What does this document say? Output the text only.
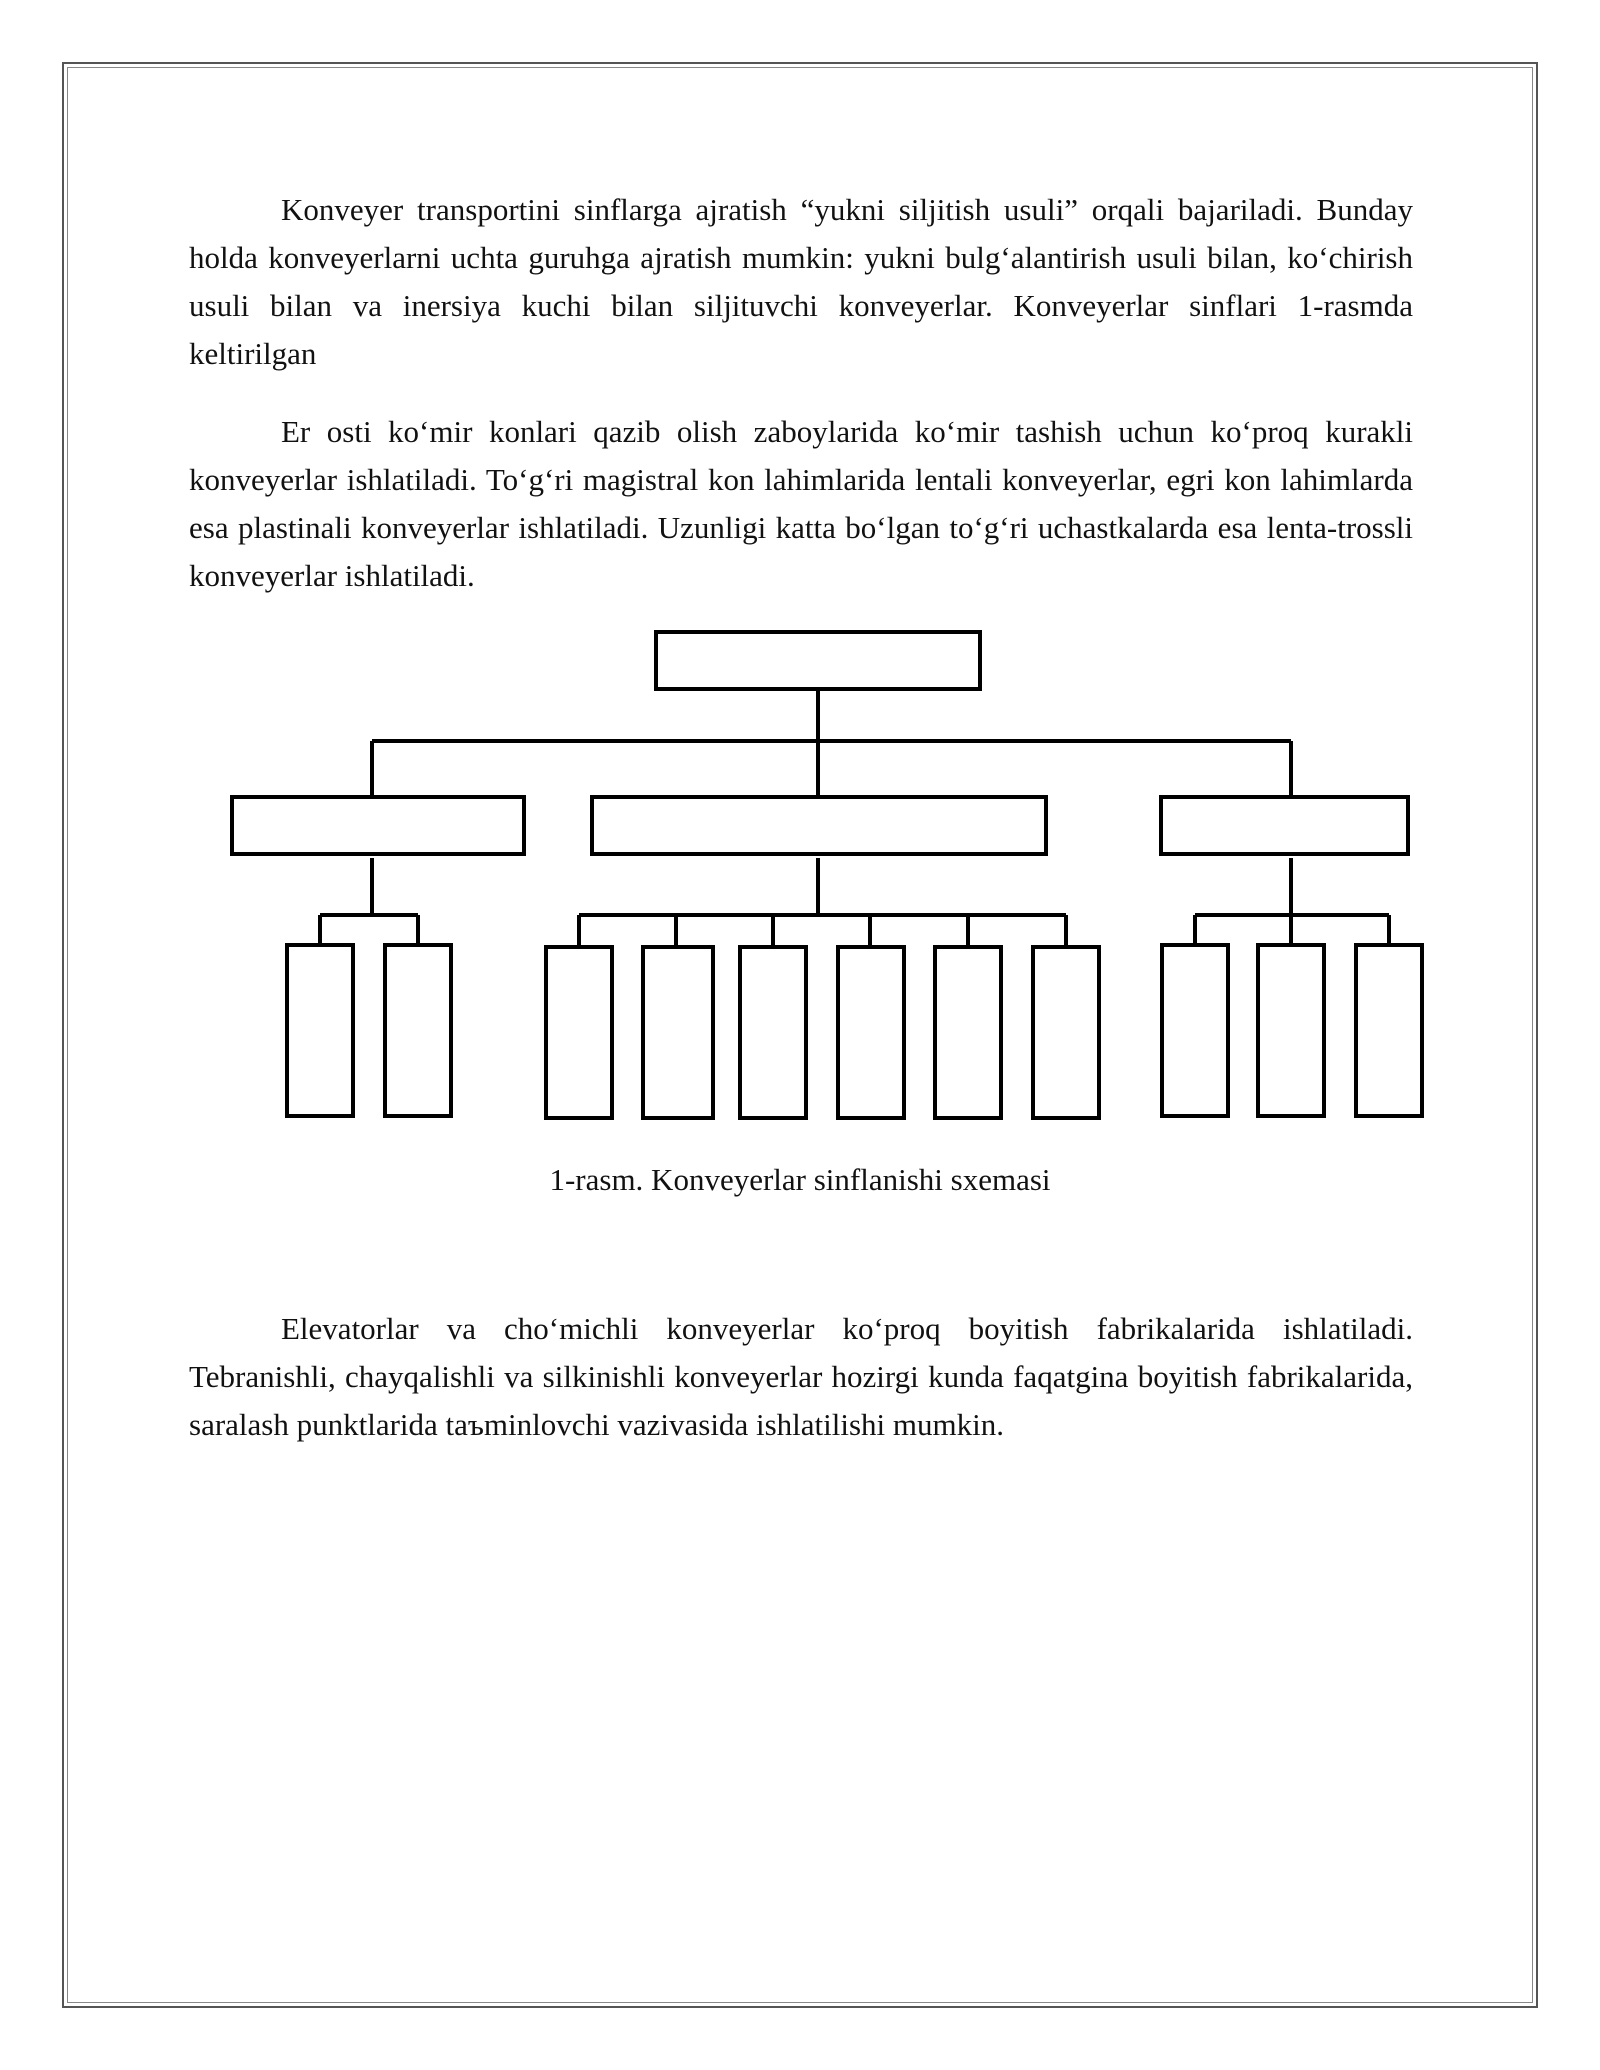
Konveyer transportini sinflarga ajratish “yukni siljitish usuli” orqali bajariladi. Bunday holda konveyerlarni uchta guruhga ajratish mumkin: yukni bulg‘alantirish usuli bilan, ko‘chirish usuli bilan va inersiya kuchi bilan siljituvchi konveyerlar. Konveyerlar sinflari 1-rasmda keltirilgan

Er osti ko‘mir konlari qazib olish zaboylarida ko‘mir tashish uchun ko‘proq kurakli konveyerlar ishlatiladi. To‘g‘ri magistral kon lahimlarida lentali konveyerlar, egri kon lahimlarda esa plastinali konveyerlar ishlatiladi. Uzunligi katta bo‘lgan to‘g‘ri uchastkalarda esa lenta-trossli konveyerlar ishlatiladi.

1-rasm. Konveyerlar sinflanishi sxemasi

Elevatorlar va cho‘michli konveyerlar ko‘proq boyitish fabrikalarida ishlatiladi. Tebranishli, chayqalishli va silkinishli konveyerlar hozirgi kunda faqatgina boyitish fabrikalarida, saralash punktlarida taъminlovchi vazivasida ishlatilishi mumkin.
